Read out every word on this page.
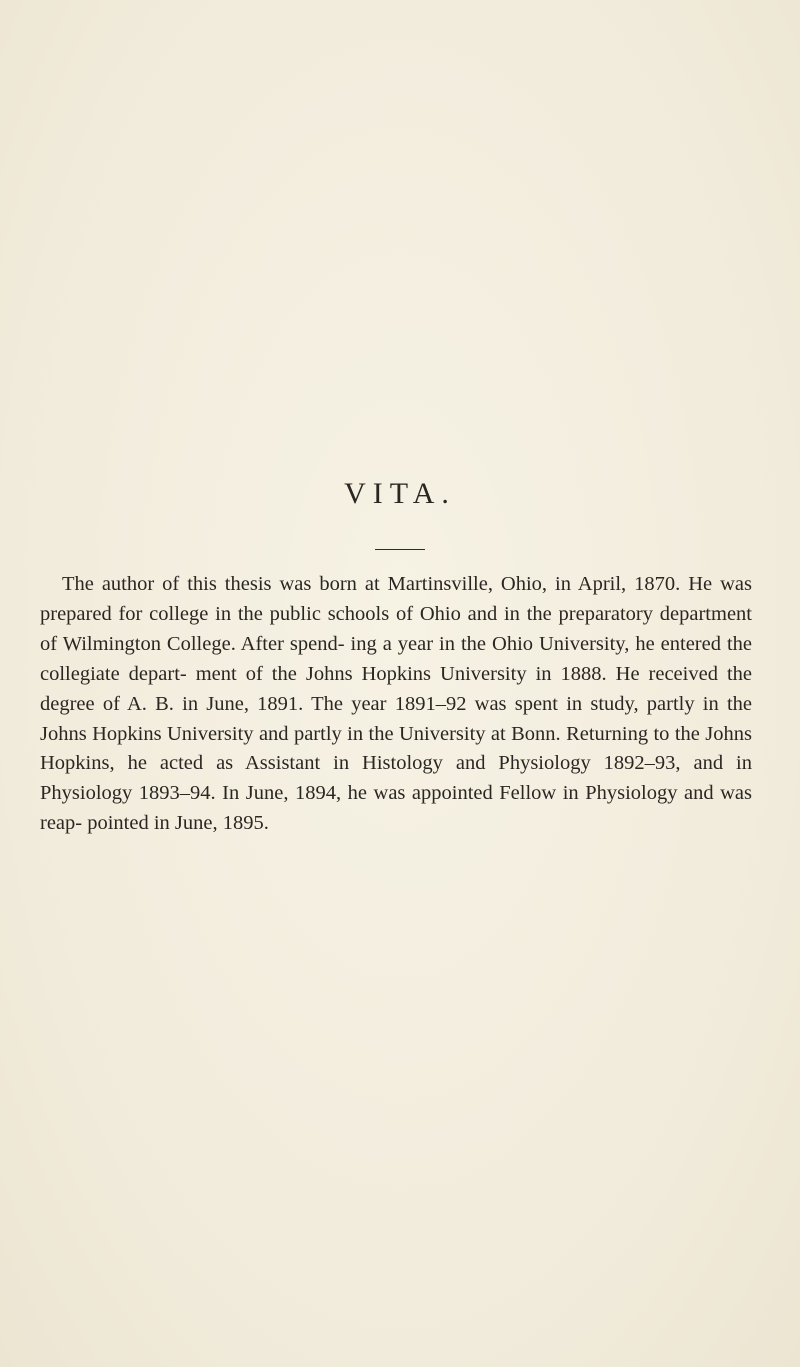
VITA.

The author of this thesis was born at Martinsville, Ohio, in April, 1870. He was prepared for college in the public schools of Ohio and in the preparatory department of Wilmington College. After spend- ing a year in the Ohio University, he entered the collegiate depart- ment of the Johns Hopkins University in 1888. He received the degree of A. B. in June, 1891. The year 1891–92 was spent in study, partly in the Johns Hopkins University and partly in the University at Bonn. Returning to the Johns Hopkins, he acted as Assistant in Histology and Physiology 1892–93, and in Physiology 1893–94. In June, 1894, he was appointed Fellow in Physiology and was reap- pointed in June, 1895.
